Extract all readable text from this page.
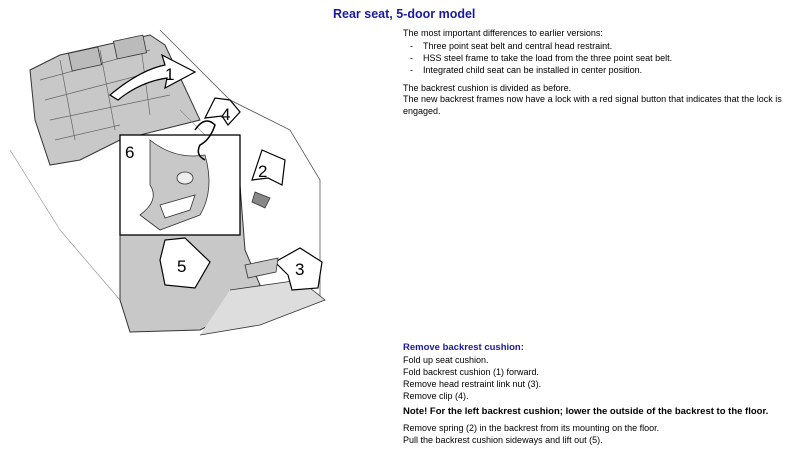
6
1
4
2
3
5
Rear seat, 5-door model

The most important differences to earlier versions:

- Three point seat belt and central head restraint.
- HSS steel frame to take the load from the three point seat belt.
- Integrated child seat can be installed in center position.

The backrest cushion is divided as before.

The new backrest frames now have a lock with a red signal button that indicates that the lock is engaged.

Remove backrest cushion:
Fold up seat cushion.
Fold backrest cushion (1) forward.
Remove head restraint link nut (3).
Remove clip (4).

Note! For the left backrest cushion; lower the outside of the backrest to the floor.

Remove spring (2) in the backrest from its mounting on the floor.
Pull the backrest cushion sideways and lift out (5).
